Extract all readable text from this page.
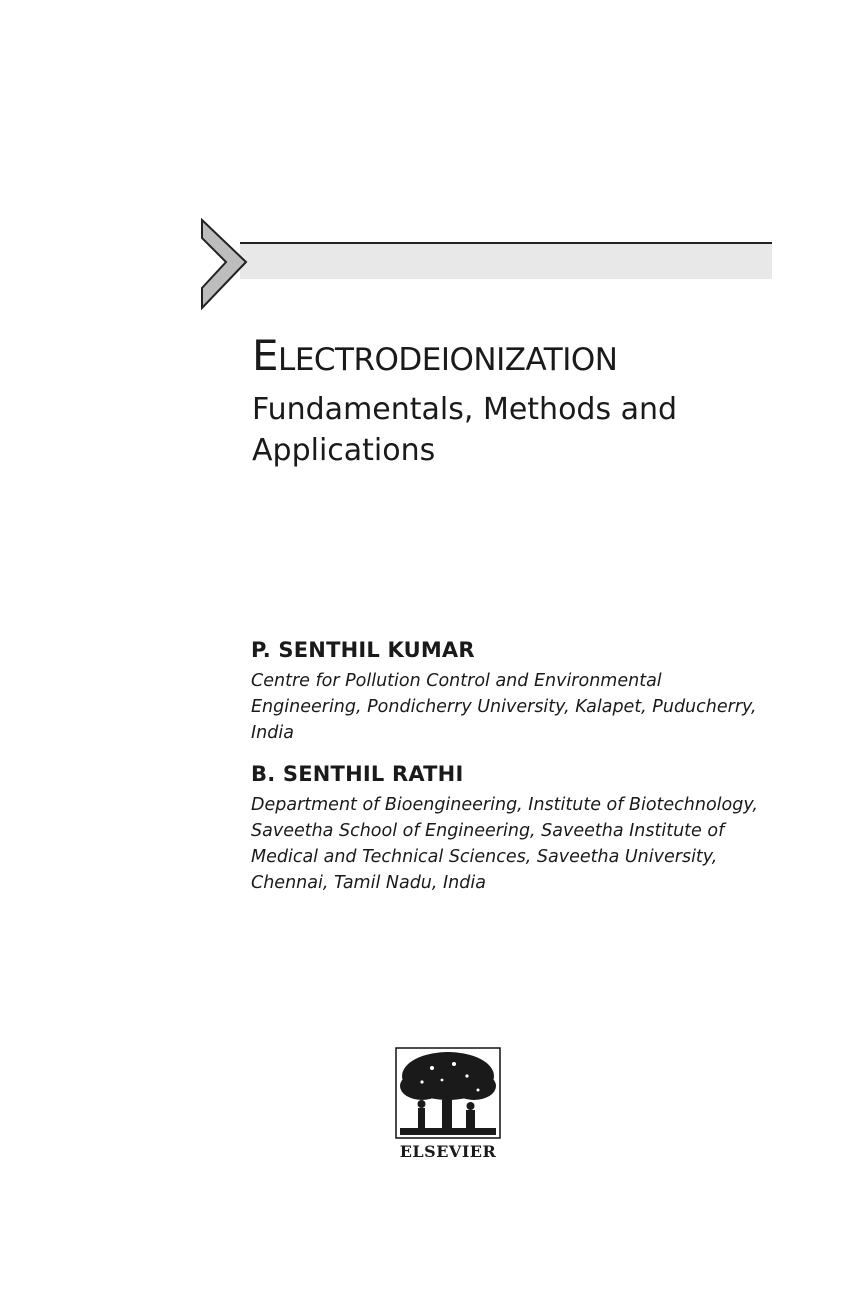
ELECTRODEIONIZATION

Fundamentals, Methods and Applications

P. SENTHIL KUMAR

Centre for Pollution Control and Environmental Engineering, Pondicherry University, Kalapet, Puducherry, India

B. SENTHIL RATHI

Department of Bioengineering, Institute of Biotechnology, Saveetha School of Engineering, Saveetha Institute of Medical and Technical Sciences, Saveetha University, Chennai, Tamil Nadu, India

ELSEVIER
